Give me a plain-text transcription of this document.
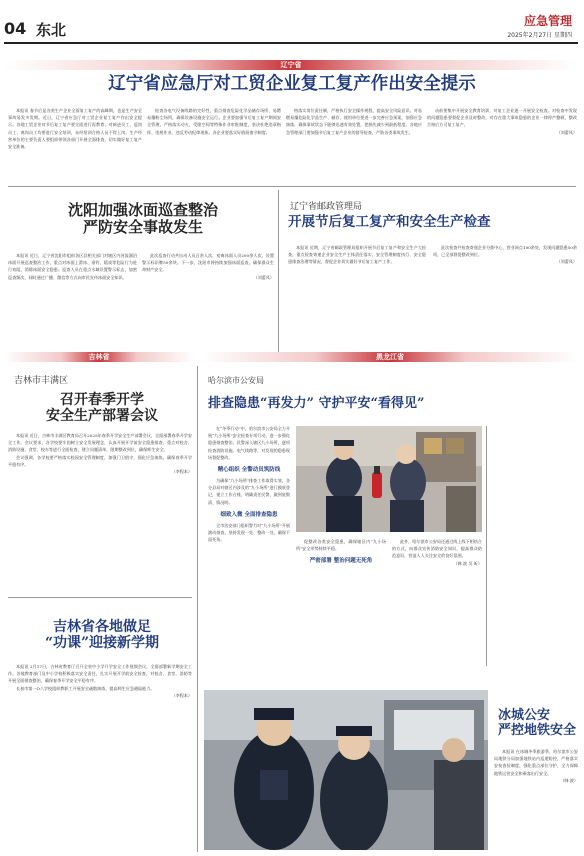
04 东北	应急管理
2025年2月27日 星期四
辽宁省
辽宁省应急厅对工贸企业复工复产作出安全提示

本报讯 春节后是各类生产企业全面复工复产的高峰期，也是生产安全事故易发多发期。近日，辽宁省应急厅对工贸企业复工复产作出安全提示。各地工贸企业对节后复工复产要全面进行再教育、对新进员工、返岗员工、离岗员工均要进行安全培训，未经培训合格人员不得上岗。生产经营单位的主要负责人要组织带领各部门开展全面排查，切实做好复工复产安全准备。

检查各电气设备线路的完好性，重点排查危险化学品储存场所、易燃易爆粉尘场所，确保设备设施安全运行。企业要加强节后复工复产期间安全管理，严格落实动火、受限空间等特殊作业审批制度，坚决杜绝违章指挥、违规作业、违反劳动纪律现象。各企业要落实好值班值守制度。

格落实岗位责任制，严格执行安全操作规程，提高安全风险意识。对易燃易爆危险化学品生产、储存、使用单位要进一步完善应急预案，加强应急演练，确保事故状态下能够迅速有效处置，把损失减少到最低程度。各地应急管理部门要加强节后复工复产企业的督导检查，严防各类事故发生。

动前要集中开展安全教育培训，对复工企业逐一开展安全检查。对检查中发现的问题隐患要督促企业及时整改，对存在重大事故隐患的企业一律停产整顿，整改合格后方可复工复产。

（刘蕾凤）

沈阳加强冰面巡查整治
严防安全事故发生

本报讯 近日，辽宁省沈阳市组织各区县相关部门对辖区内河流湖泊冰面开展巡查整治工作，重点对冰面上滑冰、垂钓、嬉戏等危险行为进行劝阻，消除冰面安全隐患。巡查人员在重点水域设置警示标志，加密巡查频次，同时通过广播、微信等方式向市民宣传冰面安全知识。

此次巡查行动共出动人员百余人次，劝离冰面人员200余人次，设置警示标识牌50余块。下一步，沈阳市将持续加强冰面巡查，确保群众生命财产安全。

（刘蕾凤）

辽宁省邮政管理局
开展节后复工复产和安全生产检查

本报讯 近期，辽宁省邮政管理局组织开展节后复工复产和安全生产大检查，重点检查寄递企业安全生产主体责任落实、安全管理制度执行、安全隐患排查治理等情况，督促企业切实做好节后复工复产工作。

此次检查共检查寄递企业分拨中心、营业网点100余处，发现问题隐患50余项，已全部督促整改到位。

（刘蕾凤）

吉林省	黑龙江省
吉林市丰满区
召开春季开学
安全生产部署会议

本报讯 近日，吉林市丰满区教育局召开2025年春季开学安全生产部署会议，全面部署春季开学安全工作。会议要求，各学校要牢固树立安全发展理念，认真开展开学前安全隐患排查，重点对校舍、消防设施、食堂、校车等进行全面检查，建立问题清单，限期整改到位，确保师生安全。

会议强调，各学校要严格落实校园安全管理制度，加强门卫值守，强化应急演练，确保春季开学平稳有序。

（李程本）

吉林省各地做足
“功课”迎接新学期

本报讯 2月17日，吉林省教育厅召开全省中小学开学安全工作视频会议，全面部署新学期安全工作。各地教育部门及中小学校积极落实安全责任，扎实开展开学前安全检查，对校舍、食堂、消防等开展全面排查整治，确保春季开学安全平稳有序。

长春市第一O八学校组织教职工开展安全疏散演练，提高师生应急避险能力。

（李程本）

哈尔滨市公安局
排查隐患“再发力” 守护平安“看得见”

在“冬季行动”中，哈尔滨市公安局全力开展“九小场所”安全检查专项行动，进一步强化隐患排查整治。民警深入辖区九小场所，逐项检查消防设施、电气线路等，对发现的隐患现场督促整改。

精心组织 全警动员筑防线

为确保“九小场所”排查工作取得实效，各分县局对辖区内涉及的“九小场所”进行摸底登记，建立工作台账，明确责任民警，做到底数清、情况明。

细致入微 全面排查隐患

全市治安部门组织警力对“九小场所”开展滚动排查，坚持发现一处、整改一处，确保不留死角。	促整改各类安全隐患，确保辖区内“九小场所”安全形势持续平稳。

严密部署 整治问题无死角

此外，哈尔滨市公安局还通过线上线下相结合的方式，向群众宣传消防安全知识，提高群众防范意识，营造人人关注安全的良好氛围。

（韩 波 吴 昕）

冰城公安
严控地铁安全

本报讯 在冰城冬季旅游季，哈尔滨市公安局地铁分局加强地铁站内巡逻防控，严格落实安检查验制度，强化重点部位守护，全力保障地铁运营安全和乘客出行安全。

（韩 波）
